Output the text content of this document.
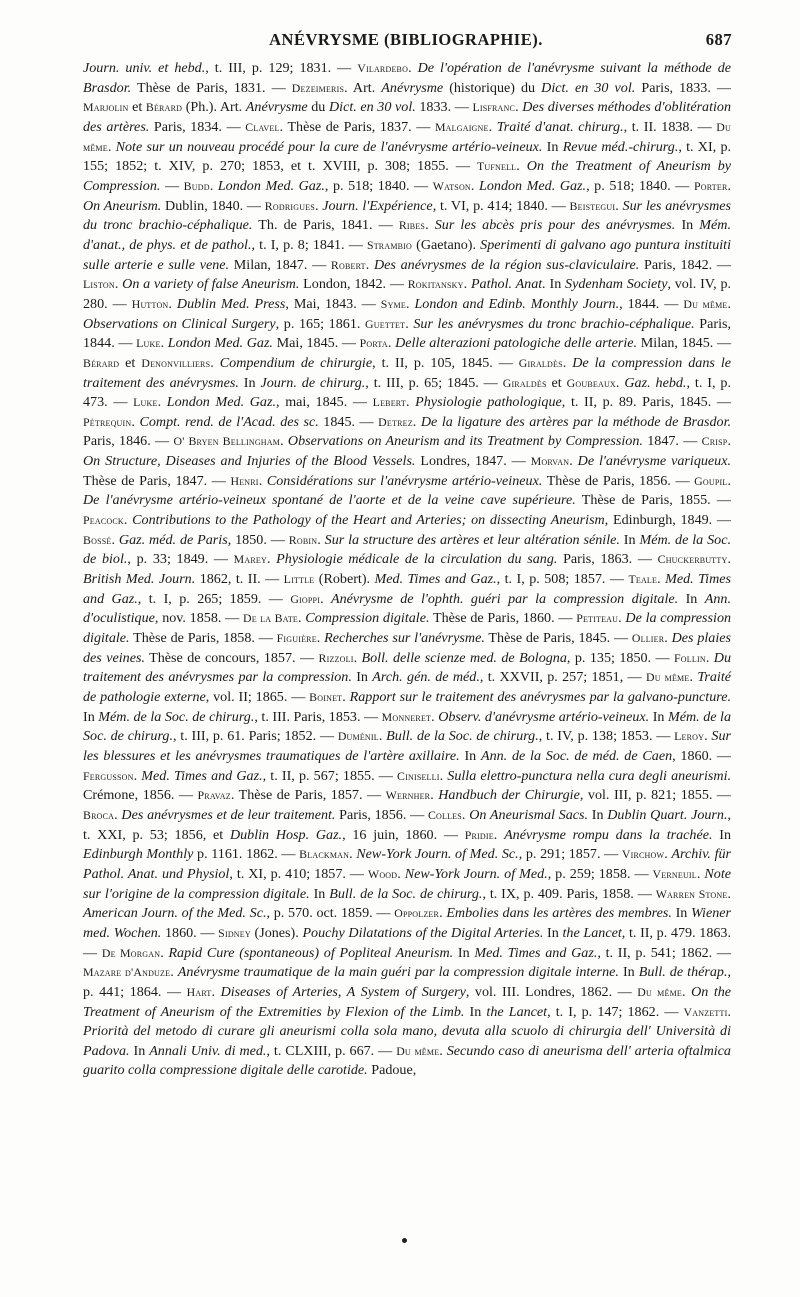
ANÉVRYSME (BIBLIOGRAPHIE).	687

Journ. univ. et hebd., t. III, p. 129; 1831. — Vilardebo. De l'opération de l'anévrysme suivant la méthode de Brasdor. Thèse de Paris, 1831. — Dezeimeris. Art. Anévrysme (historique) du Dict. en 30 vol. Paris, 1833. — Marjolin et Bérard (Ph.). Art. Anévrysme du Dict. en 30 vol. 1833. — Lisfranc. Des diverses méthodes d'oblitération des artères. Paris, 1834. — Clavel. Thèse de Paris, 1837. — Malgaigne. Traité d'anat. chirurg., t. II. 1838. — Du même. Note sur un nouveau procédé pour la cure de l'anévrysme artério-veineux. In Revue méd.-chirurg., t. XI, p. 155; 1852; t. XIV, p. 270; 1853, et t. XVIII, p. 308; 1855. — Tufnell. On the Treatment of Aneurism by Compression. — Budd. London Med. Gaz., p. 518; 1840. — Watson. London Med. Gaz., p. 518; 1840. — Porter. On Aneurism. Dublin, 1840. — Rodrigues. Journ. l'Expérience, t. VI, p. 414; 1840. — Beistegui. Sur les anévrysmes du tronc brachio-céphalique. Th. de Paris, 1841. — Ribes. Sur les abcès pris pour des anévrysmes. In Mém. d'anat., de phys. et de pathol., t. I, p. 8; 1841. — Strambio (Gaetano). Sperimenti di galvano ago puntura instituiti sulle arterie e sulle vene. Milan, 1847. — Robert. Des anévrysmes de la région sus-claviculaire. Paris, 1842. — Liston. On a variety of false Aneurism. London, 1842. — Rokitansky. Pathol. Anat. In Sydenham Society, vol. IV, p. 280. — Hutton. Dublin Med. Press, Mai, 1843. — Syme. London and Edinb. Monthly Journ., 1844. — Du même. Observations on Clinical Surgery, p. 165; 1861. Guettet. Sur les anévrysmes du tronc brachio-céphalique. Paris, 1844. — Luke. London Med. Gaz. Mai, 1845. — Porta. Delle alterazioni patologiche delle arterie. Milan, 1845. — Bérard et Denonvilliers. Compendium de chirurgie, t. II, p. 105, 1845. — Giraldès. De la compression dans le traitement des anévrysmes. In Journ. de chirurg., t. III, p. 65; 1845. — Giraldès et Goubeaux. Gaz. hebd., t. I, p. 473. — Luke. London Med. Gaz., mai, 1845. — Lebert. Physiologie pathologique, t. II, p. 89. Paris, 1845. — Pétrequin. Compt. rend. de l'Acad. des sc. 1845. — Detrez. De la ligature des artères par la méthode de Brasdor. Paris, 1846. — O' Bryen Bellingham. Observations on Aneurism and its Treatment by Compression. 1847. — Crisp. On Structure, Diseases and Injuries of the Blood Vessels. Londres, 1847. — Morvan. De l'anévrysme variqueux. Thèse de Paris, 1847. — Henri. Considérations sur l'anévrysme artério-veineux. Thèse de Paris, 1856. — Goupil. De l'anévrysme artério-veineux spontané de l'aorte et de la veine cave supérieure. Thèse de Paris, 1855. — Peacock. Contributions to the Pathology of the Heart and Arteries; on dissecting Aneurism, Edinburgh, 1849. — Bossé. Gaz. méd. de Paris, 1850. — Robin. Sur la structure des artères et leur altération sénile. In Mém. de la Soc. de biol., p. 33; 1849. — Marey. Physiologie médicale de la circulation du sang. Paris, 1863. — Chuckerbutty. British Med. Journ. 1862, t. II. — Little (Robert). Med. Times and Gaz., t. I, p. 508; 1857. — Teale. Med. Times and Gaz., t. I, p. 265; 1859. — Gioppi. Anévrysme de l'ophth. guéri par la compression digitale. In Ann. d'oculistique, nov. 1858. — De la Bate. Compression digitale. Thèse de Paris, 1860. — Petiteau. De la compression digitale. Thèse de Paris, 1858. — Figuière. Recherches sur l'anévrysme. Thèse de Paris, 1845. — Ollier. Des plaies des veines. Thèse de concours, 1857. — Rizzoli. Boll. delle scienze med. de Bologna, p. 135; 1850. — Follin. Du traitement des anévrysmes par la compression. In Arch. gén. de méd., t. XXVII, p. 257; 1851, — Du même. Traité de pathologie externe, vol. II; 1865. — Boinet. Rapport sur le traitement des anévrysmes par la galvano-puncture. In Mém. de la Soc. de chirurg., t. III. Paris, 1853. — Monneret. Observ. d'anévrysme artério-veineux. In Mém. de la Soc. de chirurg., t. III, p. 61. Paris; 1852. — Duménil. Bull. de la Soc. de chirurg., t. IV, p. 138; 1853. — Leroy. Sur les blessures et les anévrysmes traumatiques de l'artère axillaire. In Ann. de la Soc. de méd. de Caen, 1860. — Fergusson. Med. Times and Gaz., t. II, p. 567; 1855. — Ciniselli. Sulla elettro-punctura nella cura degli aneurismi. Crémone, 1856. — Pravaz. Thèse de Paris, 1857. — Wernher. Handbuch der Chirurgie, vol. III, p. 821; 1855. — Broca. Des anévrysmes et de leur traitement. Paris, 1856. — Colles. On Aneurismal Sacs. In Dublin Quart. Journ., t. XXI, p. 53; 1856, et Dublin Hosp. Gaz., 16 juin, 1860. — Pridie. Anévrysme rompu dans la trachée. In Edinburgh Monthly p. 1161. 1862. — Blackman. New-York Journ. of Med. Sc., p. 291; 1857. — Virchow. Archiv. für Pathol. Anat. und Physiol, t. XI, p. 410; 1857. — Wood. New-York Journ. of Med., p. 259; 1858. — Verneuil. Note sur l'origine de la compression digitale. In Bull. de la Soc. de chirurg., t. IX, p. 409. Paris, 1858. — Warren Stone. American Journ. of the Med. Sc., p. 570. oct. 1859. — Oppolzer. Embolies dans les artères des membres. In Wiener med. Wochen. 1860. — Sidney (Jones). Pouchy Dilatations of the Digital Arteries. In the Lancet, t. II, p. 479. 1863. — De Morgan. Rapid Cure (spontaneous) of Popliteal Aneurism. In Med. Times and Gaz., t. II, p. 541; 1862. — Mazare d'Anduze. Anévrysme traumatique de la main guéri par la compression digitale interne. In Bull. de thérap., p. 441; 1864. — Hart. Diseases of Arteries, A System of Surgery, vol. III. Londres, 1862. — Du même. On the Treatment of Aneurism of the Extremities by Flexion of the Limb. In the Lancet, t. I, p. 147; 1862. — Vanzetti. Priorità del metodo di curare gli aneurismi colla sola mano, devuta alla scuolo di chirurgia dell' Università di Padova. In Annali Univ. di med., t. CLXIII, p. 667. — Du même. Secundo caso di aneurisma dell' arteria oftalmica guarito colla compressione digitale delle carotide. Padoue,
